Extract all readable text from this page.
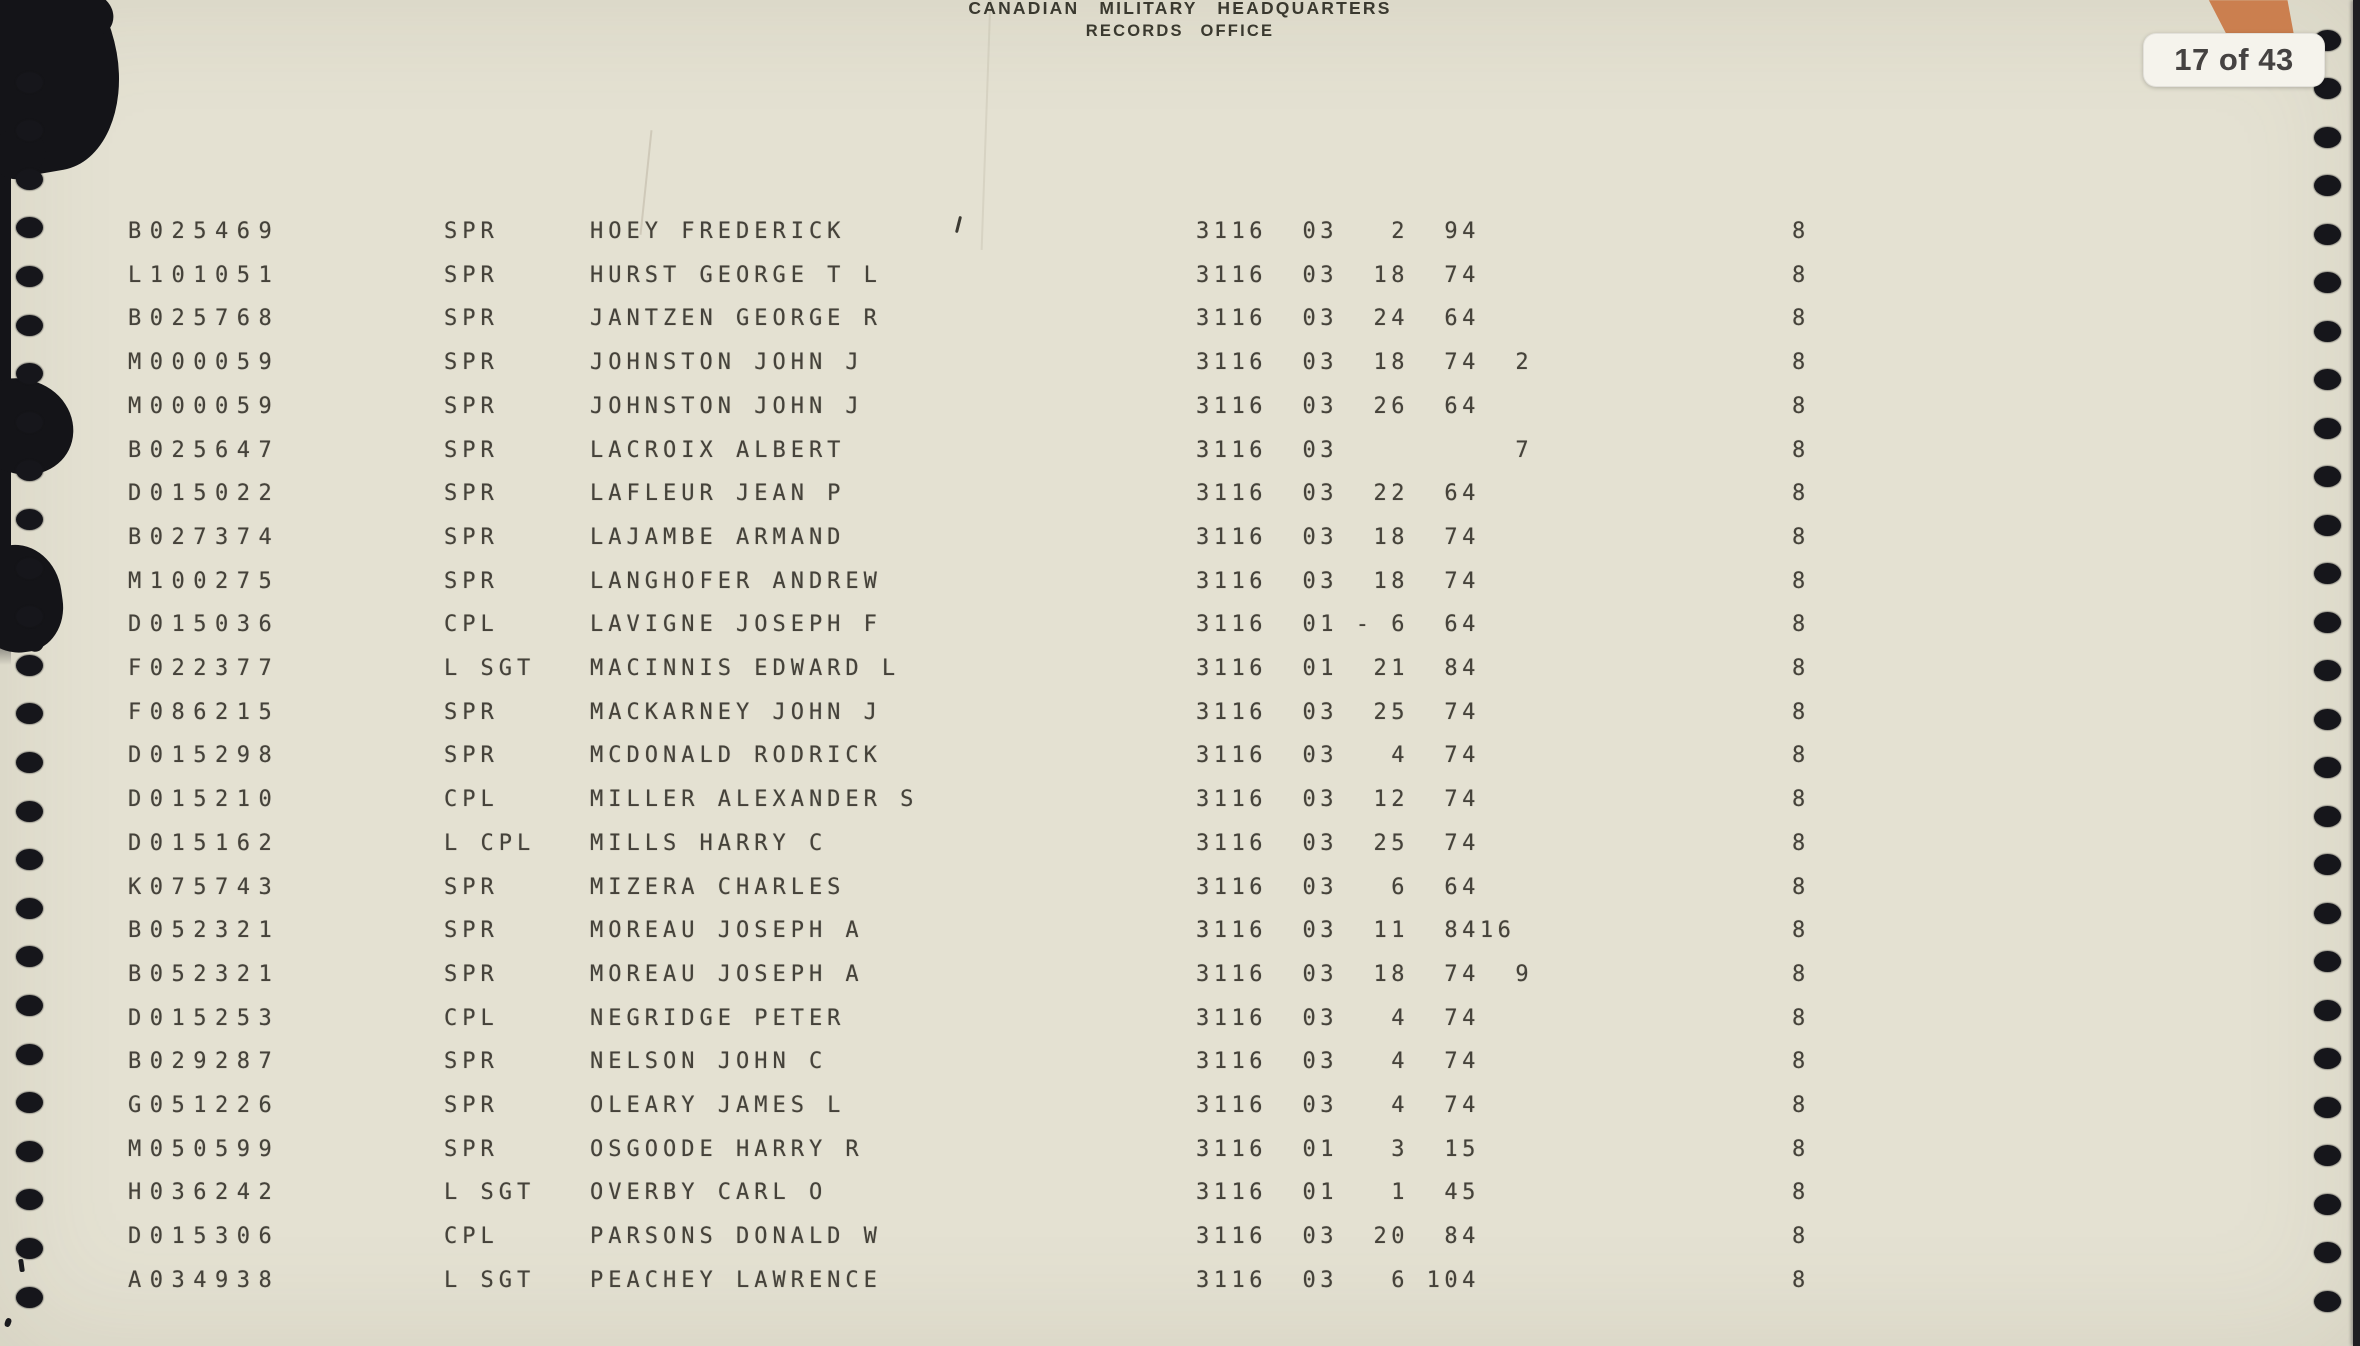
CANADIAN MILITARY HEADQUARTERS
RECORDS OFFICE
B025469	SPR	HOEY FREDERICK	3116  03   2  94	8
L101051	SPR	HURST GEORGE T L	3116  03  18  74	8
B025768	SPR	JANTZEN GEORGE R	3116  03  24  64	8
M000059	SPR	JOHNSTON JOHN J	3116  03  18  74  2	8
M000059	SPR	JOHNSTON JOHN J	3116  03  26  64	8
B025647	SPR	LACROIX ALBERT	3116  03          7	8
D015022	SPR	LAFLEUR JEAN P	3116  03  22  64	8
B027374	SPR	LAJAMBE ARMAND	3116  03  18  74	8
M100275	SPR	LANGHOFER ANDREW	3116  03  18  74	8
D015036	CPL	LAVIGNE JOSEPH F	3116  01 - 6  64	8
F022377	L SGT MACINNIS EDWARD L	3116  01  21  84	8
F086215	SPR	MACKARNEY JOHN J	3116  03  25  74	8
D015298	SPR	MCDONALD RODRICK	3116  03   4  74	8
D015210	CPL	MILLER ALEXANDER S	3116  03  12  74	8
D015162	L CPL MILLS HARRY C	3116  03  25  74	8
K075743	SPR	MIZERA CHARLES	3116  03   6  64	8
B052321	SPR	MOREAU JOSEPH A	3116  03  11  8416	8
B052321	SPR	MOREAU JOSEPH A	3116  03  18  74  9	8
D015253	CPL	NEGRIDGE PETER	3116  03   4  74	8
B029287	SPR	NELSON JOHN C	3116  03   4  74	8
G051226	SPR	OLEARY JAMES L	3116  03   4  74	8
M050599	SPR	OSGOODE HARRY R	3116  01   3  15	8
H036242	L SGT OVERBY CARL O	3116  01   1  45	8
D015306	CPL	PARSONS DONALD W	3116  03  20  84	8
A034938	L SGT PEACHEY LAWRENCE	3116  03   6 104	8
17 of 43
